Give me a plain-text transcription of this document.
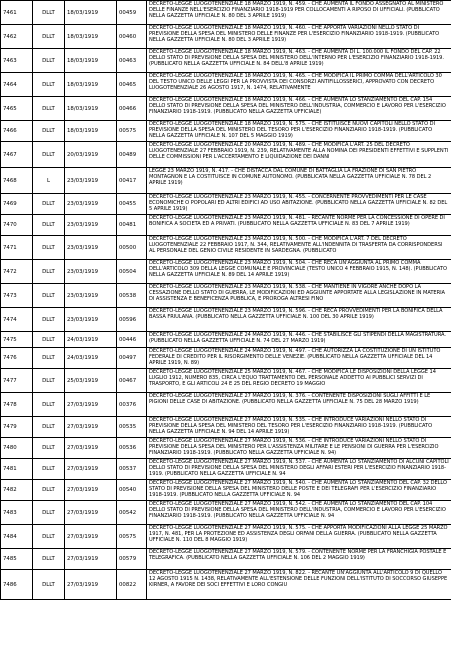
7461	DLLT	18/03/1919	00459	DECRETO-LEGGE LUOGOTENENZIALE 18 MARZO 1919, N. 459. - CHE AUMENTA IL FONDO ASSEGNATO AL MINISTERO DELLE FINANZE NELL'ESERCIZIO FINANZIARIO 1918-1919 PER COLLOCAMENTI A RIPOSO DI UFFICIALI. (PUBBLICATO NELLA GAZZETTA UFFICIALE N. 80 DEL 3 APRILE 1919)
7462	DLLT	18/03/1919	00460	DECRETO-LEGGE LUOGOTENENZIALE 18 MARZO 1919, N. 460. - CHE APPORTA VARIAZIONI NELLO STATO DI PREVISIONE DELLA SPESA DEL MINISTERO DELLE FINANZE PER L'ESERCIZIO FINANZIARIO 1918-1919. (PUBBLICATO NELLA GAZZETTA UFFICIALE N. 80 DEL 3 APRILE 1919)
7463	DLLT	18/03/1919	00463	DECRETO-LEGGE LUOGOTENENZIALE 18 MARZO 1919, N. 463. - CHE AUMENTA DI L. 100.000 IL FONDO DEL CAP. 22 DELLO STATO DI PREVISIONE DELLA SPESA DEL MINISTERO DELL'INTERNO PER L'ESERCIZIO FINANZIARIO 1918-1919. (PUBBLICATO NELLA GAZZETTA UFFICIALE N. 84 DELL'8 APRILE 1919)
7464	DLLT	18/03/1919	00465	DECRETO-LEGGE LUOGOTENENZIALE 18 MARZO 1919, N. 465. - CHE MODIFICA IL PRIMO COMMA DELL'ARTICOLO 30 DEL TESTO UNICO DELLE LEGGI PER LA PROVVISTA DEI CONSORZI ANTIFILLOSSERICI, APPROVATO CON DECRETO LUOGOTENENZIALE 26 AGOSTO 1917, N. 1474, RELATIVAMENTE
7465	DLLT	18/03/1919	00466	DECRETO-LEGGE LUOGOTENENZIALE 18 MARZO 1919, N. 466. - CHE AUMENTA LO STANZIAMENTO DEL CAP. 154 DELLO STATO DI PREVISIONE DELLA SPESA DEL MINISTERO DELL'INDUSTRIA, COMMERCIO E LAVORO PER L'ESERCIZIO FINANZIARIO 1918-1919. (PUBBLICATO NELLA GAZZETTA UFFICIALE)
7466	DLLT	18/03/1919	00575	DECRETO-LEGGE LUOGOTENENZIALE 18 MARZO 1919, N. 575. - CHE ISTITUISCE NUOVI CAPITOLI NELLO STATO DI PREVISIONE DELLA SPESA DEL MINISTERO DEL TESORO PER L'ESERCIZIO FINANZIARIO 1918-1919. (PUBBLICATO NELLA GAZZETTA UFFICIALE N. 107 DEL 5 MAGGIO 1919)
7467	DLLT	20/03/1919	00489	DECRETO-LEGGE LUOGOTENENZIALE 20 MARZO 1919, N. 489. - CHE MODIFICA L'ART. 25 DEL DECRETO LUOGOTENENZIALE 27 FEBBRAIO 1919, N. 239, RELATIVAMENTE ALLA NOMINA DEI PRESIDENTI EFFETTIVI E SUPPLENTI DELLE COMMISSIONI PER L'ACCERTAMENTO E LIQUIDAZIONE DEI DANNI
7468	L	23/03/1919	00417	LEGGE 23 MARZO 1919, N. 417. - CHE DISTACCA DAL COMUNE DI BATTAGLIA LA FRAZIONE DI SAN PIETRO MONTAGNON E LA COSTITUISCE IN COMUNE AUTONOMO. (PUBBLICATA NELLA GAZZETTA UFFICIALE N. 78 DEL 2 APRILE 1919)
7469	DLLT	23/03/1919	00455	DECRETO-LEGGE LUOGOTENENZIALE 23 MARZO 1919, N. 455. - CONCERNENTE PROVVEDIMENTI PER LE CASE ECONOMICHE O POPOLARI ED ALTRI EDIFICI AD USO ABITAZIONE. (PUBBLICATO NELLA GAZZETTA UFFICIALE N. 82 DEL 5 APRILE 1919)
7470	DLLT	23/03/1919	00481	DECRETO-LEGGE LUOGOTENENZIALE 23 MARZO 1919, N. 481. - RECANTE NORME PER LA CONCESSIONE DI OPERE DI BONIFICA A SOCIETA ED A PRIVATI. (PUBBLICATO NELLA GAZZETTA UFFICIALE N. 83 DEL 7 APRILE 1919)
7471	DLLT	23/03/1919	00500	DECRETO-LEGGE LUOGOTENENZIALE 23 MARZO 1919, N. 500. - CHE MODIFICA L'ART. 7 DEL DECRETO LUOGOTENENZIALE 22 FEBBRAIO 1917, N. 344, RELATIVAMENTE ALL'INDENNITA DI TRASFERTA DA CORRISPONDERSI AL PERSONALE DEL GENIO CIVILE RESIDENTE IN SARDEGNA. (PUBBLICATO
7472	DLLT	23/03/1919	00504	DECRETO-LEGGE LUOGOTENENZIALE 23 MARZO 1919, N. 504. - CHE RECA UN'AGGIUNTA AL PRIMO COMMA DELL'ARTICOLO 309 DELLA LEGGE COMUNALE E PROVINCIALE (TESTO UNICO 4 FEBBRAIO 1915, N. 148). (PUBBLICATO NELLA GAZZETTA UFFICIALE N. 89 DEL 14 APRILE 1919)
7473	DLLT	23/03/1919	00538	DECRETO-LEGGE LUOGOTENENZIALE 23 MARZO 1919, N. 538. - CHE MANTIENE IN VIGORE ANCHE DOPO LA CESSAZIONE DELLO STATO DI GUERRA, LE MODIFICAZIONI ED AGGIUNTE APPORTATE ALLA LEGISLAZIONE IN MATERIA DI ASSISTENZA E BENEFICENZA PUBBLICA, E PROROGA ALTRESI FINO
7474	DLLT	23/03/1919	00596	DECRETO-LEGGE LUOGOTENENZIALE 23 MARZO 1919, N. 596. - CHE RECA PROVVEDIMENTI PER LA BONIFICA DELLA BASSA FRIULANA. (PUBBLICATO NELLA GAZZETTA UFFICIALE N. 100 DEL 30 APRILE 1919)
7475	DLLT	24/03/1919	00446	DECRETO-LEGGE LUOGOTENENZIALE 24 MARZO 1919, N. 446. - CHE STABILISCE GLI STIPENDI DELLA MAGISTRATURA. (PUBBLICATO NELLA GAZZETTA UFFICIALE N. 74 DEL 27 MARZO 1919)
7476	DLLT	24/03/1919	00497	DECRETO-LEGGE LUOGOTENENZIALE 24 MARZO 1919, N. 497. - CHE AUTORIZZA LA COSTITUZIONE DI UN ISTITUTO FEDERALE DI CREDITO PER IL RISORGIMENTO DELLE VENEZIE. (PUBBLICATO NELLA GAZZETTA UFFICIALE DEL 14 APRILE 1919, N. 89)
7477	DLLT	25/03/1919	00467	DECRETO-LEGGE LUOGOTENENZIALE 25 MARZO 1919, N. 467. - CHE MODIFICA LE DISPOSIZIONI DELLA LEGGE 14 LUGLIO 1912, NUMERO 835, CIRCA L'EQUO TRATTAMENTO DEL PERSONALE ADDETTO AI PUBBLICI SERVIZI DI TRASPORTO, E GLI ARTICOLI 24 E 25 DEL REGIO DECRETO 19 MAGGIO
7478	DLLT	27/03/1919	00376	DECRETO-LEGGE LUOGOTENENZIALE 27 MARZO 1919, N. 376. - CONTENENTE DISPOSIZIONI SUGLI AFFITTI E LE PIGIONI DELLE CASE DI ABITAZIONE. (PUBBLICATO NELLA GAZZETTA UFFICIALE N. 75 DEL 28 MARZO 1919)
7479	DLLT	27/03/1919	00535	DECRETO-LEGGE LUOGOTENENZIALE 27 MARZO 1919, N. 535. - CHE INTRODUCE VARIAZIONI NELLO STATO DI PREVISIONE DELLA SPESA DEL MINISTERO DEL TESORO PER L'ESERCIZIO FINANZIARIO 1918-1919. (PUBBLICATO NELLA GAZZETTA UFFICIALE N. 94 DEL 14 APRILE 1919)
7480	DLLT	27/03/1919	00536	DECRETO-LEGGE LUOGOTENENZIALE 27 MARZO 1919, N. 536. - CHE INTRODUCE VARIAZIONI NELLO STATO DI PREVISIONE DELLA SPESA DEL MINISTERO PER L'ASSISTENZA MILITARE E LE PENSIONI DI GUERRA PER L'ESERCIZIO FINANZIARIO 1918-1919. (PUBBLICATO NELLA GAZZETTA UFFICIALE N. 94)
7481	DLLT	27/03/1919	00537	DECRETO-LEGGE LUOGOTENENZIALE 27 MARZO 1919, N. 537. - CHE AUMENTA LO STANZIAMENTO DI ALCUNI CAPITOLI DELLO STATO DI PREVISIONE DELLA SPESA DEL MINISTERO DEGLI AFFARI ESTERI PER L'ESERCIZIO FINANZIARIO 1918-1919. (PUBBLICATO NELLA GAZZETTA UFFICIALE N. 94
7482	DLLT	27/03/1919	00540	DECRETO-LEGGE LUOGOTENENZIALE 27 MARZO 1919, N. 540. - CHE AUMENTA LO STANZIAMENTO DEL CAP. 32 DELLO STATO DI PREVISIONE DELLA SPESA DEL MINISTERO DELLE POSTE E DEI TELEGRAFI PER L'ESERCIZIO FINANZIARIO 1918-1919. (PUBBLICATO NELLA GAZZETTA UFFICIALE N. 94
7483	DLLT	27/03/1919	00542	DECRETO-LEGGE LUOGOTENENZIALE 27 MARZO 1919, N. 542. - CHE AUMENTA LO STANZIAMENTO DEL CAP. 104 DELLO STATO DI PREVISIONE DELLA SPESA DEL MINISTERO DELL'INDUSTRIA, COMMERCIO E LAVORO PER L'ESERCIZIO FINANZIARIO 1918-1919. (PUBBLICATO NELLA GAZZETTA UFFICIALE N. 94
7484	DLLT	27/03/1919	00575	DECRETO-LEGGE LUOGOTENENZIALE 27 MARZO 1919, N. 575. - CHE APPORTA MODIFICAZIONI ALLA LEGGE 25 MARZO 1917, N. 481, PER LA PROTEZIONE ED ASSISTENZA DEGLI ORFANI DELLA GUERRA. (PUBBLICATO NELLA GAZZETTA UFFICIALE N. 110 DEL 8 MAGGIO 1919)
7485	DLLT	27/03/1919	00579	DECRETO-LEGGE LUOGOTENENZIALE 27 MARZO 1919, N. 579. - CONTENENTE NORME PER LA FRANCHIGIA POSTALE E TELEGRAFICA. (PUBBLICATO NELLA GAZZETTA UFFICIALE N. 106 DEL 2 MAGGIO 1919)
7486	DLLT	27/03/1919	00822	DECRETO-LEGGE LUOGOTENENZIALE 27 MARZO 1919, N. 822. - RECANTE UN'AGGIUNTA ALL'ARTICOLO 9 DI QUELLO 12 AGOSTO 1915 N. 1438, RELATIVAMENTE ALL'ESTENSIONE DELLE FUNZIONI DELL'ISTITUTO DI SOCCORSO GIUSEPPE KIRNER, A FAVORE DEI SOCI EFFETTIVI E LORO CONGIU
